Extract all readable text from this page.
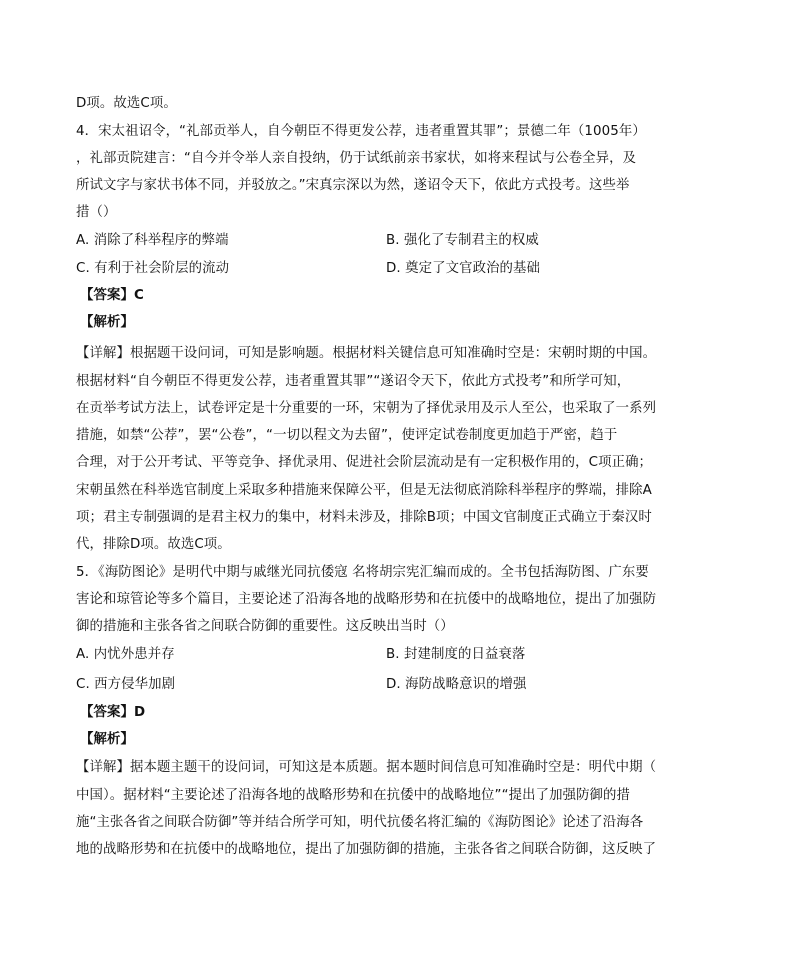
D项。故选C项。
4．宋太祖诏令，“礼部贡举人，自今朝臣不得更发公荐，违者重置其罪”；景德二年（1005年）
，礼部贡院建言：“自今并令举人亲自投纳，仍于试纸前亲书家状，如将来程试与公卷全异，及
所试文字与家状书体不同，并驳放之。”宋真宗深以为然，遂诏令天下，依此方式投考。这些举
措（）
A. 消除了科举程序的弊端	B. 强化了专制君主的权威
C. 有利于社会阶层的流动	D. 奠定了文官政治的基础
【答案】C
【解析】
【详解】根据题干设问词，可知是影响题。根据材料关键信息可知准确时空是：宋朝时期的中国。
根据材料“自今朝臣不得更发公荐，违者重置其罪”“遂诏令天下，依此方式投考”和所学可知，
在贡举考试方法上，试卷评定是十分重要的一环，宋朝为了择优录用及示人至公，也采取了一系列
措施，如禁“公荐”，罢“公卷”，“一切以程文为去留”，使评定试卷制度更加趋于严密，趋于
合理，对于公开考试、平等竞争、择优录用、促进社会阶层流动是有一定积极作用的，C项正确；
宋朝虽然在科举选官制度上采取多种措施来保障公平，但是无法彻底消除科举程序的弊端，排除A
项；君主专制强调的是君主权力的集中，材料未涉及，排除B项；中国文官制度正式确立于秦汉时
代，排除D项。故选C项。
5．《海防图论》是明代中期与戚继光同抗倭寇 名将胡宗宪汇编而成的。全书包括海防图、广东要
害论和琼管论等多个篇目，主要论述了沿海各地的战略形势和在抗倭中的战略地位，提出了加强防
御的措施和主张各省之间联合防御的重要性。这反映出当时（）
A. 内忧外患并存	B. 封建制度的日益衰落
C. 西方侵华加剧	D. 海防战略意识的增强
【答案】D
【解析】
【详解】据本题主题干的设问词，可知这是本质题。据本题时间信息可知准确时空是：明代中期（
中国）。据材料“主要论述了沿海各地的战略形势和在抗倭中的战略地位”“提出了加强防御的措
施“主张各省之间联合防御”等并结合所学可知，明代抗倭名将汇编的《海防图论》论述了沿海各
地的战略形势和在抗倭中的战略地位，提出了加强防御的措施，主张各省之间联合防御，这反映了
